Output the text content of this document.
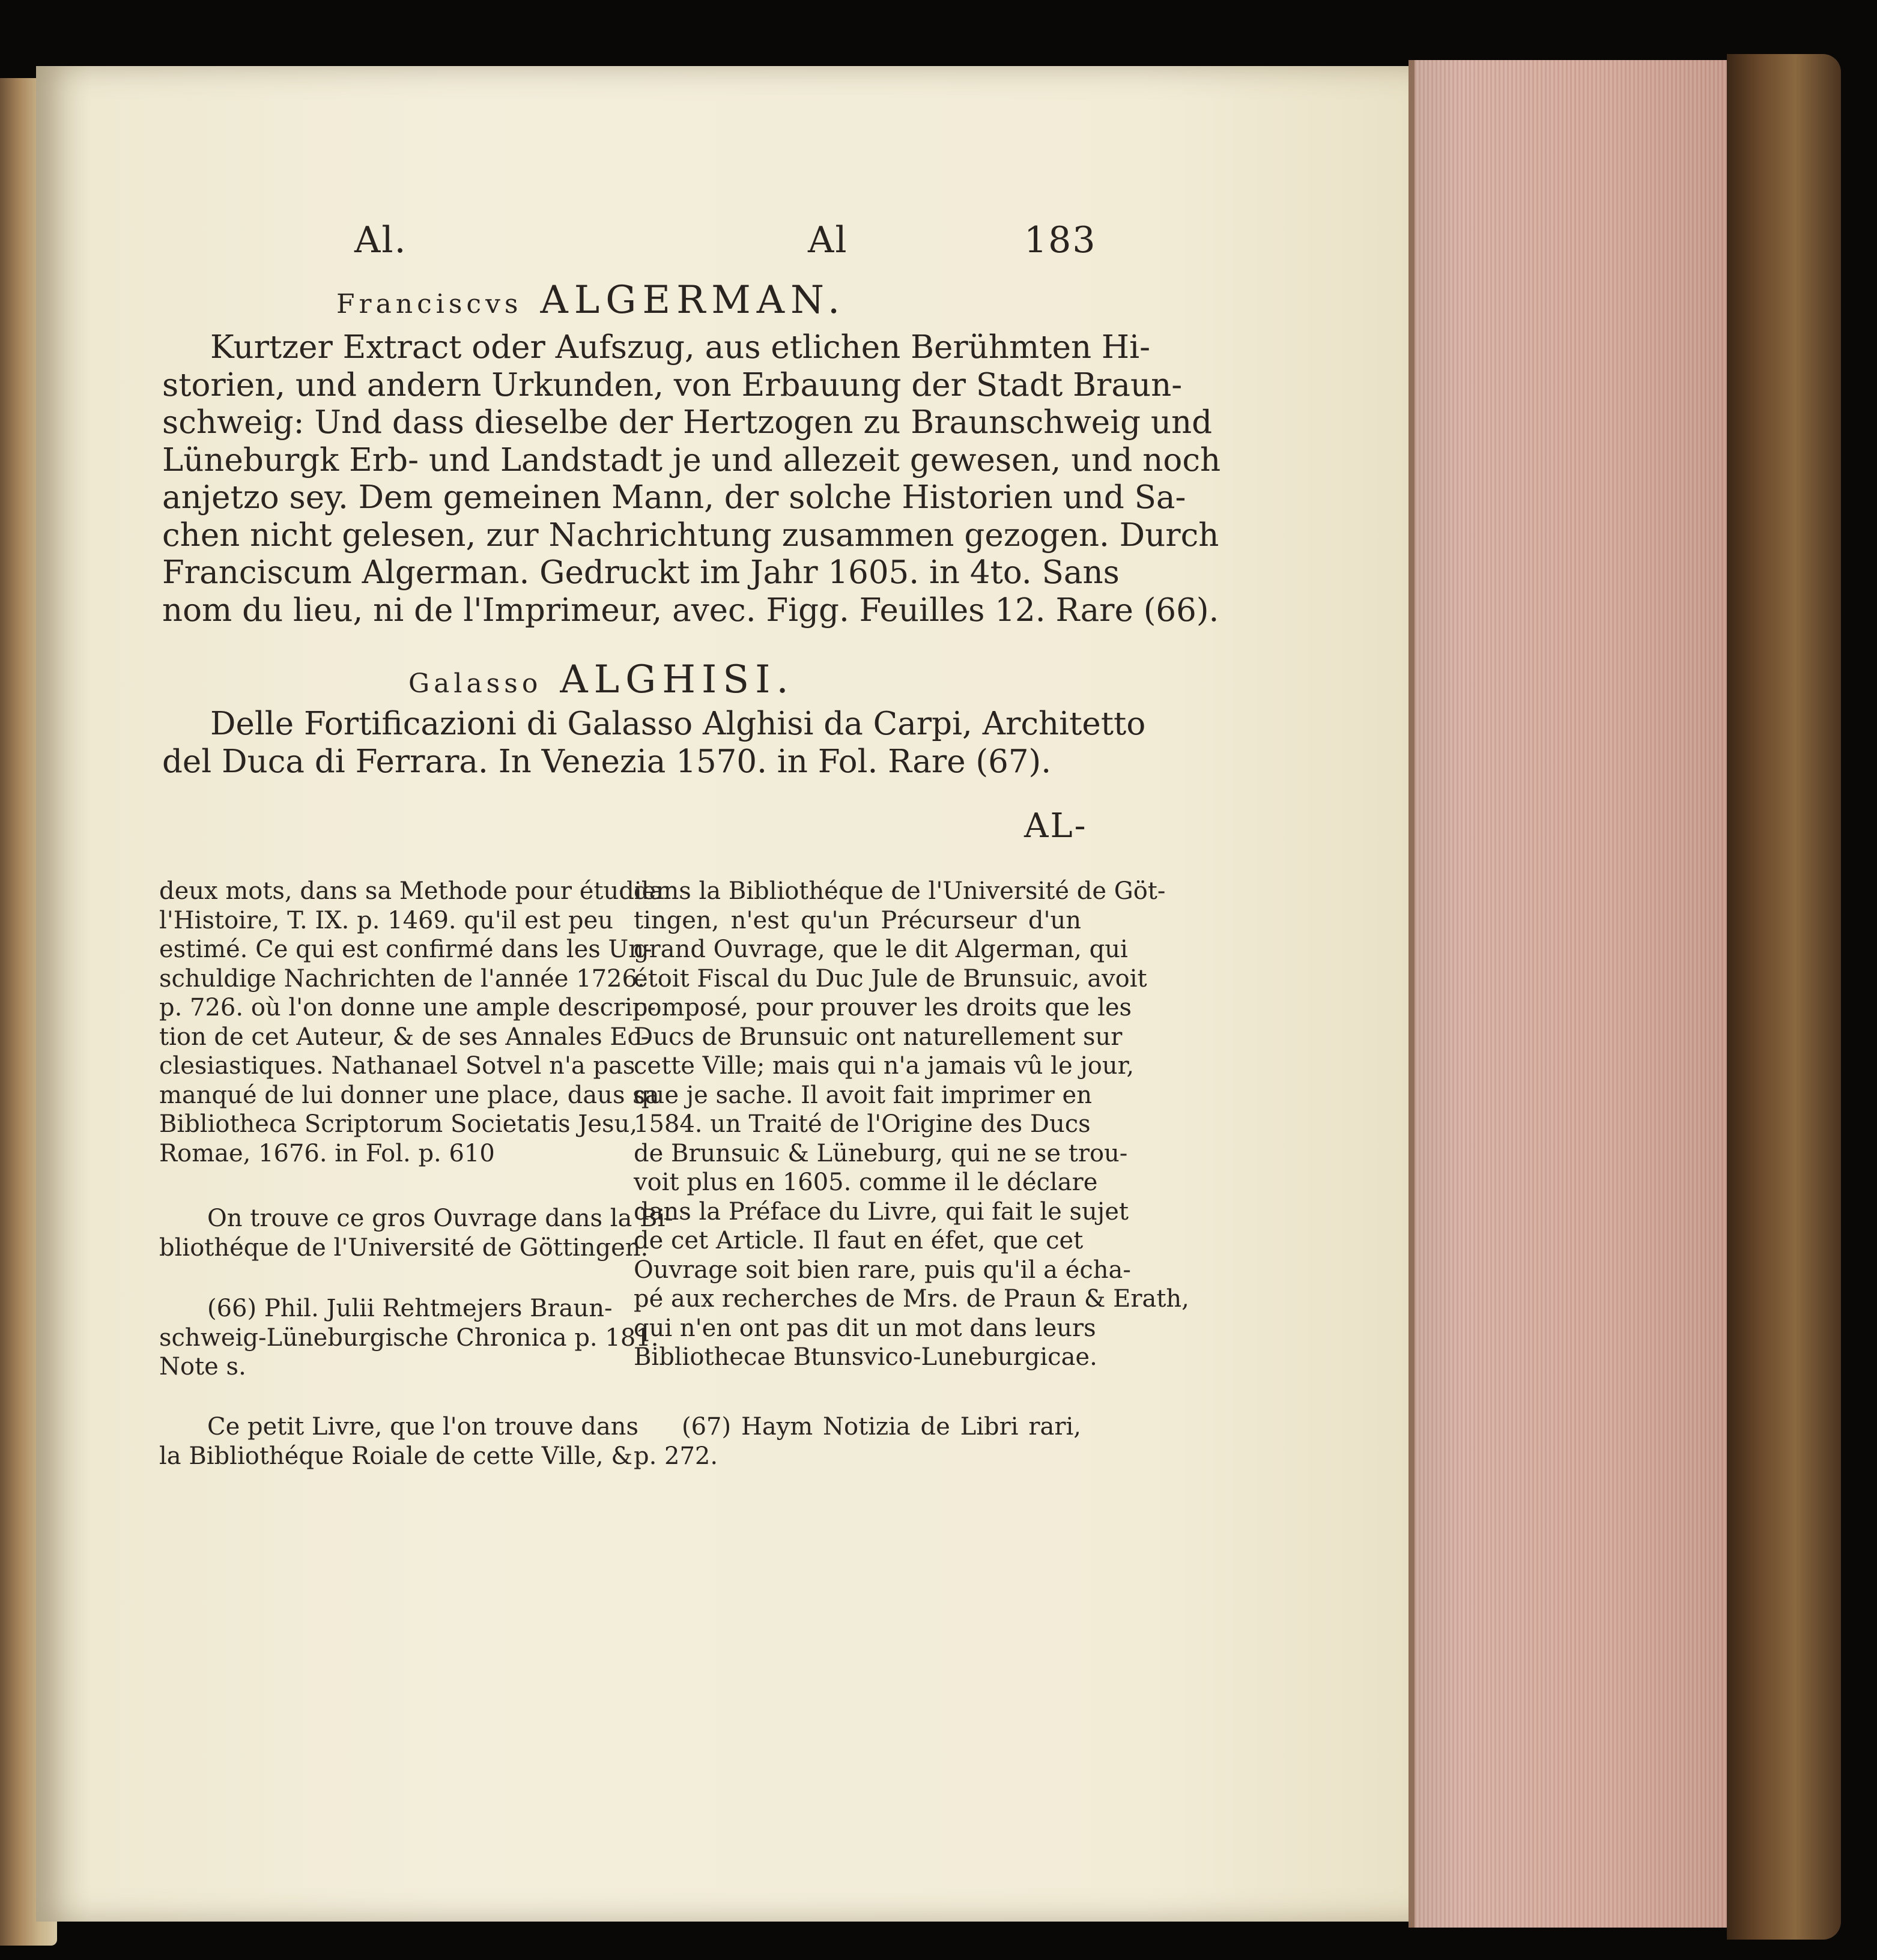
Al.	Al	183
Franciscvs ALGERMAN.
Kurtzer Extract oder Aufszug, aus etlichen Berühmten Hi-
storien, und andern Urkunden, von Erbauung der Stadt Braun-
schweig: Und dass dieselbe der Hertzogen zu Braunschweig und
Lüneburgk Erb- und Landstadt je und allezeit gewesen, und noch
anjetzo sey. Dem gemeinen Mann, der solche Historien und Sa-
chen nicht gelesen, zur Nachrichtung zusammen gezogen. Durch
Franciscum Algerman. Gedruckt im Jahr 1605. in 4to. Sans
nom du lieu, ni de l'Imprimeur, avec. Figg. Feuilles 12. Rare (66).
Galasso ALGHISI.
Delle Fortificazioni di Galasso Alghisi da Carpi, Architetto
del Duca di Ferrara. In Venezia 1570. in Fol. Rare (67).
AL-
deux mots, dans sa Methode pour étudier
l'Histoire, T. IX. p. 1469. qu'il est peu
estimé. Ce qui est confirmé dans les Un-
schuldige Nachrichten de l'année 1726.
p. 726. où l'on donne une ample descrip-
tion de cet Auteur, & de ses Annales Ec-
clesiastiques. Nathanael Sotvel n'a pas
manqué de lui donner une place, daus sa
Bibliotheca Scriptorum Societatis Jesu,
Romae, 1676. in Fol. p. 610
On trouve ce gros Ouvrage dans la Bi-
bliothéque de l'Université de Göttingen.
(66) Phil. Julii Rehtmejers Braun-
schweig-Lüneburgische Chronica p. 181.
Note s.
Ce petit Livre, que l'on trouve dans
la Bibliothéque Roiale de cette Ville, &
dans la Bibliothéque de l'Université de Göt-
tingen, n'est qu'un Précurseur d'un
grand Ouvrage, que le dit Algerman, qui
étoit Fiscal du Duc Jule de Brunsuic, avoit
composé, pour prouver les droits que les
Ducs de Brunsuic ont naturellement sur
cette Ville; mais qui n'a jamais vû le jour,
que je sache. Il avoit fait imprimer en
1584. un Traité de l'Origine des Ducs
de Brunsuic & Lüneburg, qui ne se trou-
voit plus en 1605. comme il le déclare
dans la Préface du Livre, qui fait le sujet
de cet Article. Il faut en éfet, que cet
Ouvrage soit bien rare, puis qu'il a écha-
pé aux recherches de Mrs. de Praun & Erath,
qui n'en ont pas dit un mot dans leurs
Bibliothecae Btunsvico-Luneburgicae.
(67) Haym Notizia de Libri rari,
p. 272.
